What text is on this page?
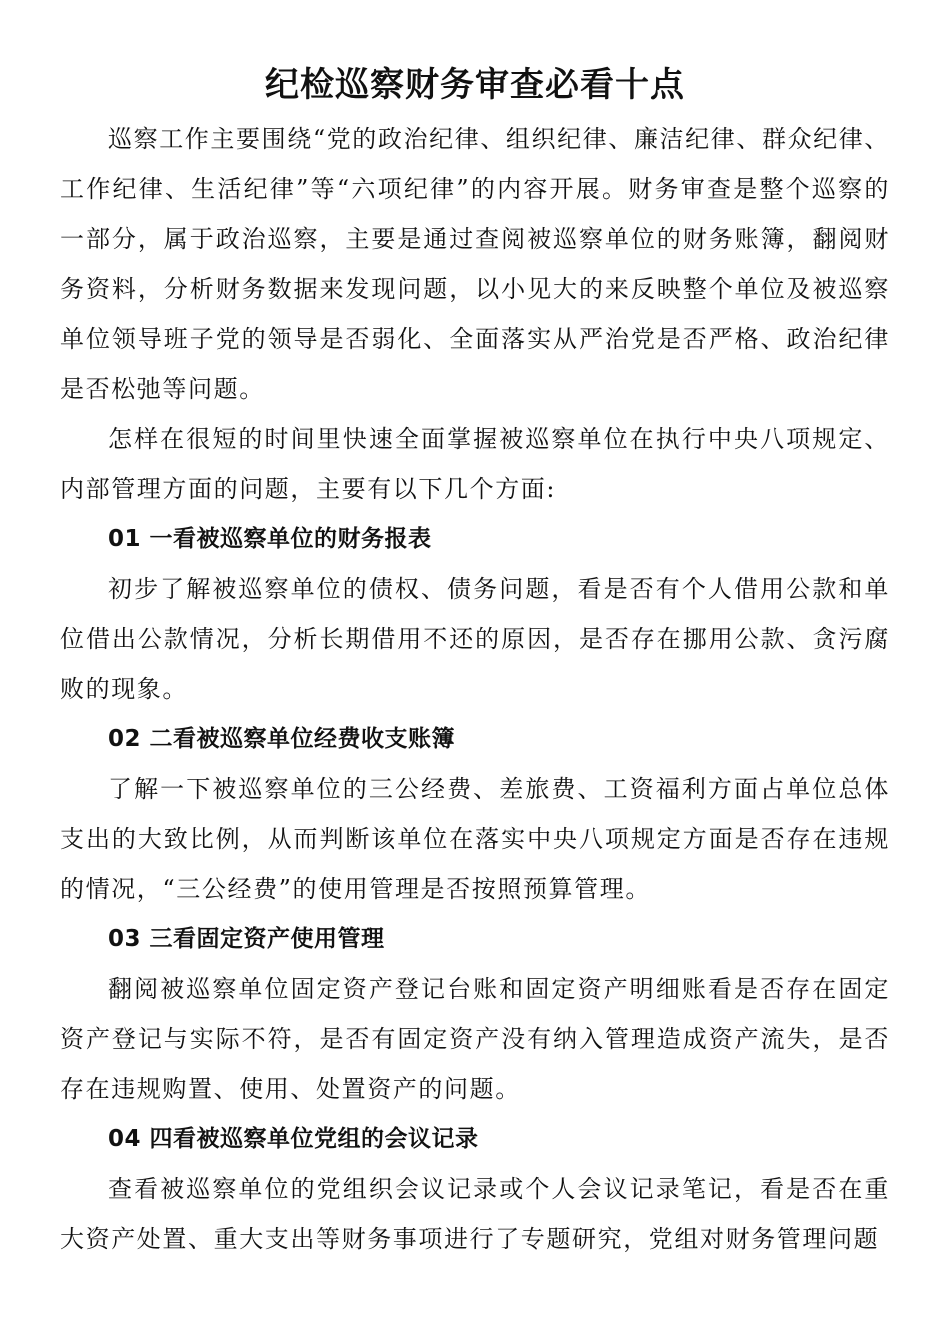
纪检巡察财务审查必看十点

巡察工作主要围绕“党的政治纪律、组织纪律、廉洁纪律、群众纪律、工作纪律、生活纪律”等“六项纪律”的内容开展。财务审查是整个巡察的一部分，属于政治巡察，主要是通过查阅被巡察单位的财务账簿，翻阅财务资料，分析财务数据来发现问题，以小见大的来反映整个单位及被巡察单位领导班子党的领导是否弱化、全面落实从严治党是否严格、政治纪律是否松弛等问题。

怎样在很短的时间里快速全面掌握被巡察单位在执行中央八项规定、内部管理方面的问题，主要有以下几个方面:

01 一看被巡察单位的财务报表

初步了解被巡察单位的债权、债务问题，看是否有个人借用公款和单位借出公款情况，分析长期借用不还的原因，是否存在挪用公款、贪污腐败的现象。

02 二看被巡察单位经费收支账簿

了解一下被巡察单位的三公经费、差旅费、工资福利方面占单位总体支出的大致比例，从而判断该单位在落实中央八项规定方面是否存在违规的情况，“三公经费”的使用管理是否按照预算管理。

03 三看固定资产使用管理

翻阅被巡察单位固定资产登记台账和固定资产明细账看是否存在固定资产登记与实际不符，是否有固定资产没有纳入管理造成资产流失，是否存在违规购置、使用、处置资产的问题。

04 四看被巡察单位党组的会议记录

查看被巡察单位的党组织会议记录或个人会议记录笔记，看是否在重大资产处置、重大支出等财务事项进行了专题研究，党组对财务管理问题
